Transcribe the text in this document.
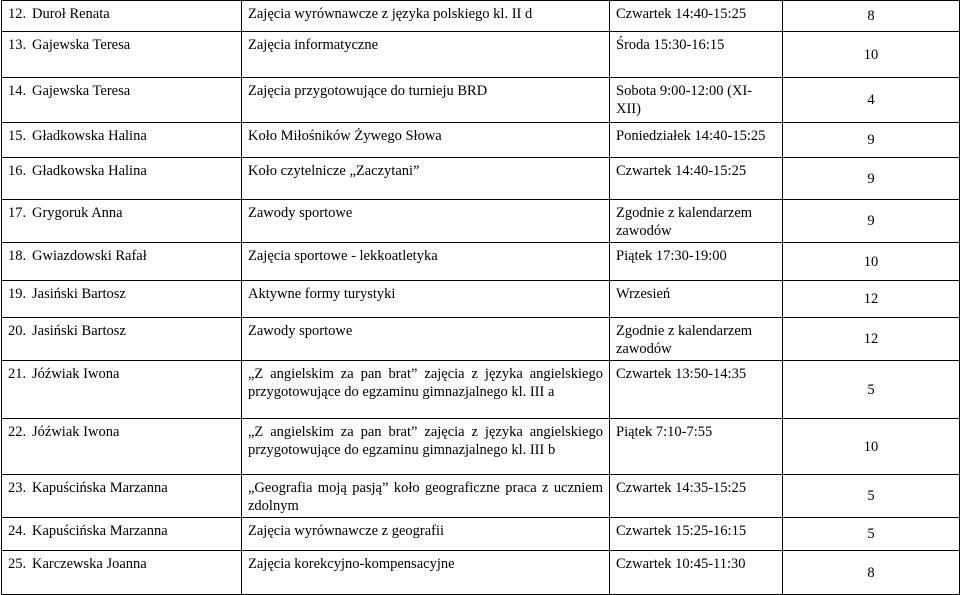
12. Duroł Renata	Zajęcia wyrównawcze z języka polskiego kl. II d	Czwartek 14:40-15:25	8
13. Gajewska Teresa	Zajęcia informatyczne	Środa 15:30-16:15	10
14. Gajewska Teresa	Zajęcia przygotowujące do turnieju BRD	Sobota 9:00-12:00 (XI-XII)	4
15. Gładkowska Halina	Koło Miłośników Żywego Słowa	Poniedziałek 14:40-15:25	9
16. Gładkowska Halina	Koło czytelnicze „Zaczytani”	Czwartek 14:40-15:25	9
17. Grygoruk Anna	Zawody sportowe	Zgodnie z kalendarzem zawodów	9
18. Gwiazdowski Rafał	Zajęcia sportowe - lekkoatletyka	Piątek 17:30-19:00	10
19. Jasiński Bartosz	Aktywne formy turystyki	Wrzesień	12
20. Jasiński Bartosz	Zawody sportowe	Zgodnie z kalendarzem zawodów	12
21. Jóźwiak Iwona	„Z angielskim za pan brat” zajęcia z języka angielskiego przygotowujące do egzaminu gimnazjalnego kl. III a	Czwartek 13:50-14:35	5
22. Jóźwiak Iwona	„Z angielskim za pan brat” zajęcia z języka angielskiego przygotowujące do egzaminu gimnazjalnego kl. III b	Piątek 7:10-7:55	10
23. Kapuścińska Marzanna	„Geografia moją pasją” koło geograficzne praca z uczniem zdolnym	Czwartek 14:35-15:25	5
24. Kapuścińska Marzanna	Zajęcia wyrównawcze z geografii	Czwartek 15:25-16:15	5
25. Karczewska Joanna	Zajęcia korekcyjno-kompensacyjne	Czwartek 10:45-11:30	8
